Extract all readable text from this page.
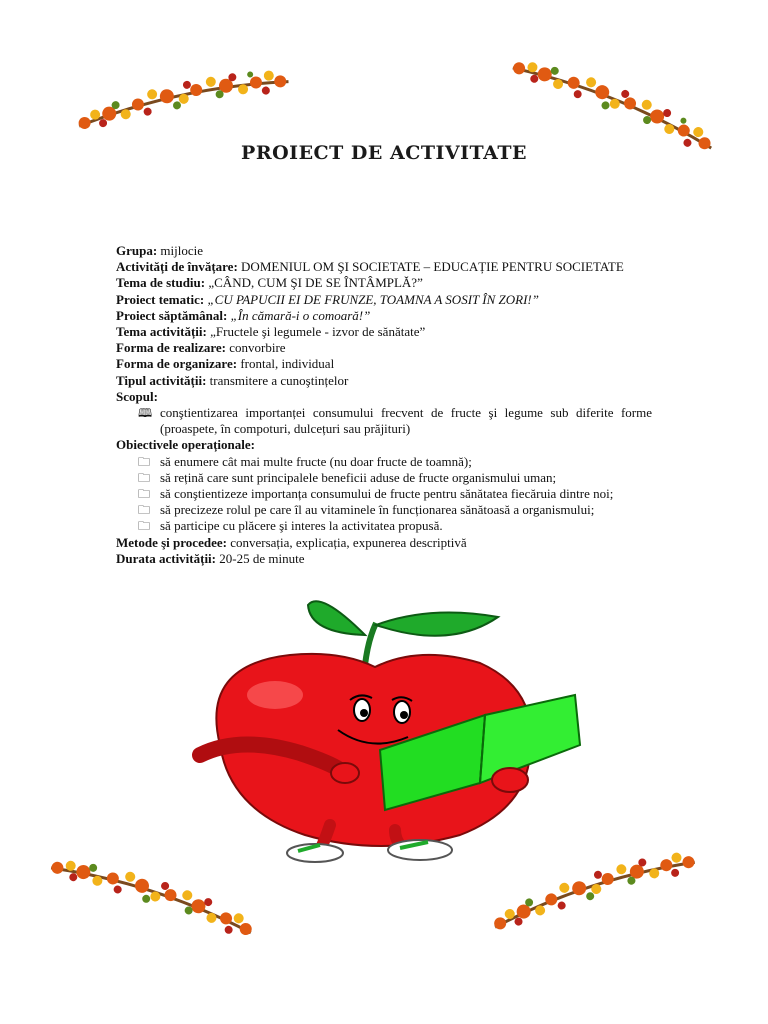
PROIECT DE ACTIVITATE
Grupa: mijlocie
Activități de învățare: DOMENIUL OM ŞI SOCIETATE – EDUCAȚIE PENTRU SOCIETATE
Tema de studiu: „CÂND, CUM ŞI DE SE ÎNTÂMPLĂ?”
Proiect tematic: „CU PAPUCII EI DE FRUNZE, TOAMNA A SOSIT ÎN ZORI!”
Proiect săptămânal: „În cămară-i o comoară!”
Tema activității: „Fructele şi legumele - izvor de sănătate”
Forma de realizare: convorbire
Forma de organizare: frontal, individual
Tipul activității: transmitere a cunoştințelor
Scopul:
🕮 conştientizarea importanței consumului frecvent de fructe şi legume sub diferite forme (proaspete, în compoturi, dulcețuri sau prăjituri)
Obiectivele operaționale:
🗀 să enumere cât mai multe fructe (nu doar fructe de toamnă);
🗀 să rețină care sunt principalele beneficii aduse de fructe organismului uman;
🗀 să conştientizeze importanța consumului de fructe pentru sănătatea fiecăruia dintre noi;
🗀 să precizeze rolul pe care îl au vitaminele în funcționarea sănătoasă a organismului;
🗀 să participe cu plăcere şi interes la activitatea propusă.
Metode şi procedee: conversația, explicația, expunerea descriptivă
Durata activității: 20-25 de minute
